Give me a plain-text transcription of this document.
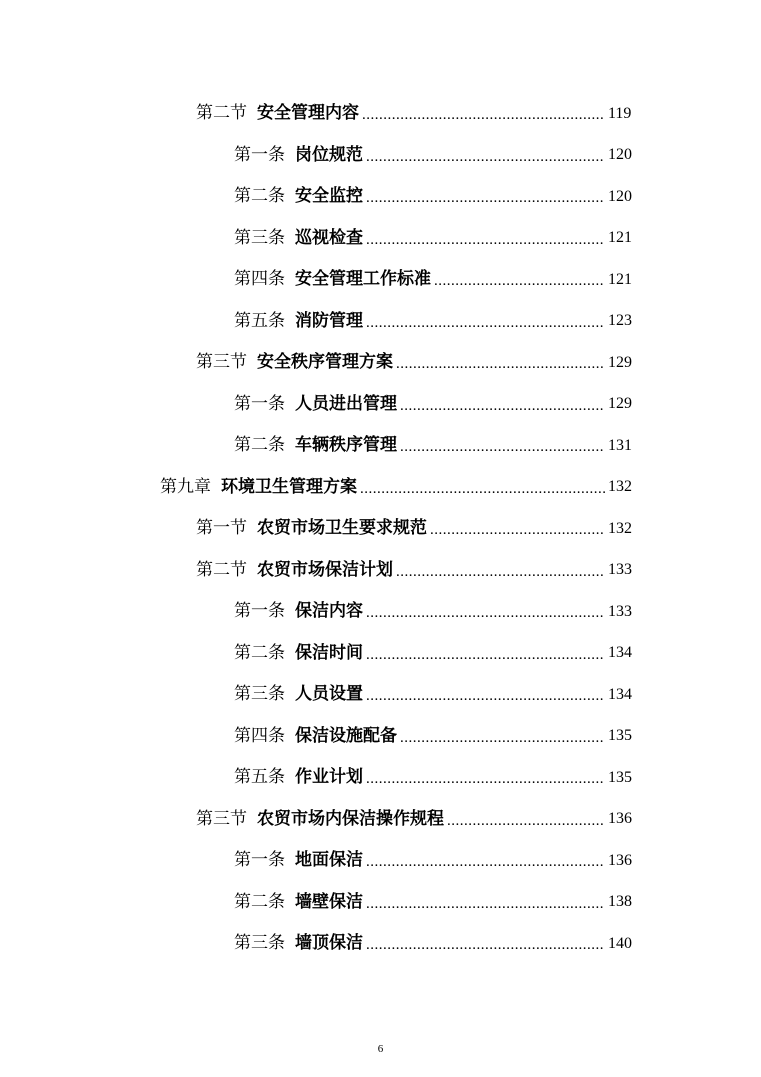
第二节 安全管理内容 .....	119
第一条 岗位规范 .....	120
第二条 安全监控 .....	120
第三条 巡视检查 .....	121
第四条 安全管理工作标准 .....	121
第五条 消防管理 .....	123
第三节 安全秩序管理方案 .....	129
第一条 人员进出管理 .....	129
第二条 车辆秩序管理 .....	131
第九章 环境卫生管理方案 .....	132
第一节 农贸市场卫生要求规范 .....	132
第二节 农贸市场保洁计划 .....	133
第一条 保洁内容 .....	133
第二条 保洁时间 .....	134
第三条 人员设置 .....	134
第四条 保洁设施配备 .....	135
第五条 作业计划 .....	135
第三节 农贸市场内保洁操作规程 .....	136
第一条 地面保洁 .....	136
第二条 墙壁保洁 .....	138
第三条 墙顶保洁 .....	140
6
